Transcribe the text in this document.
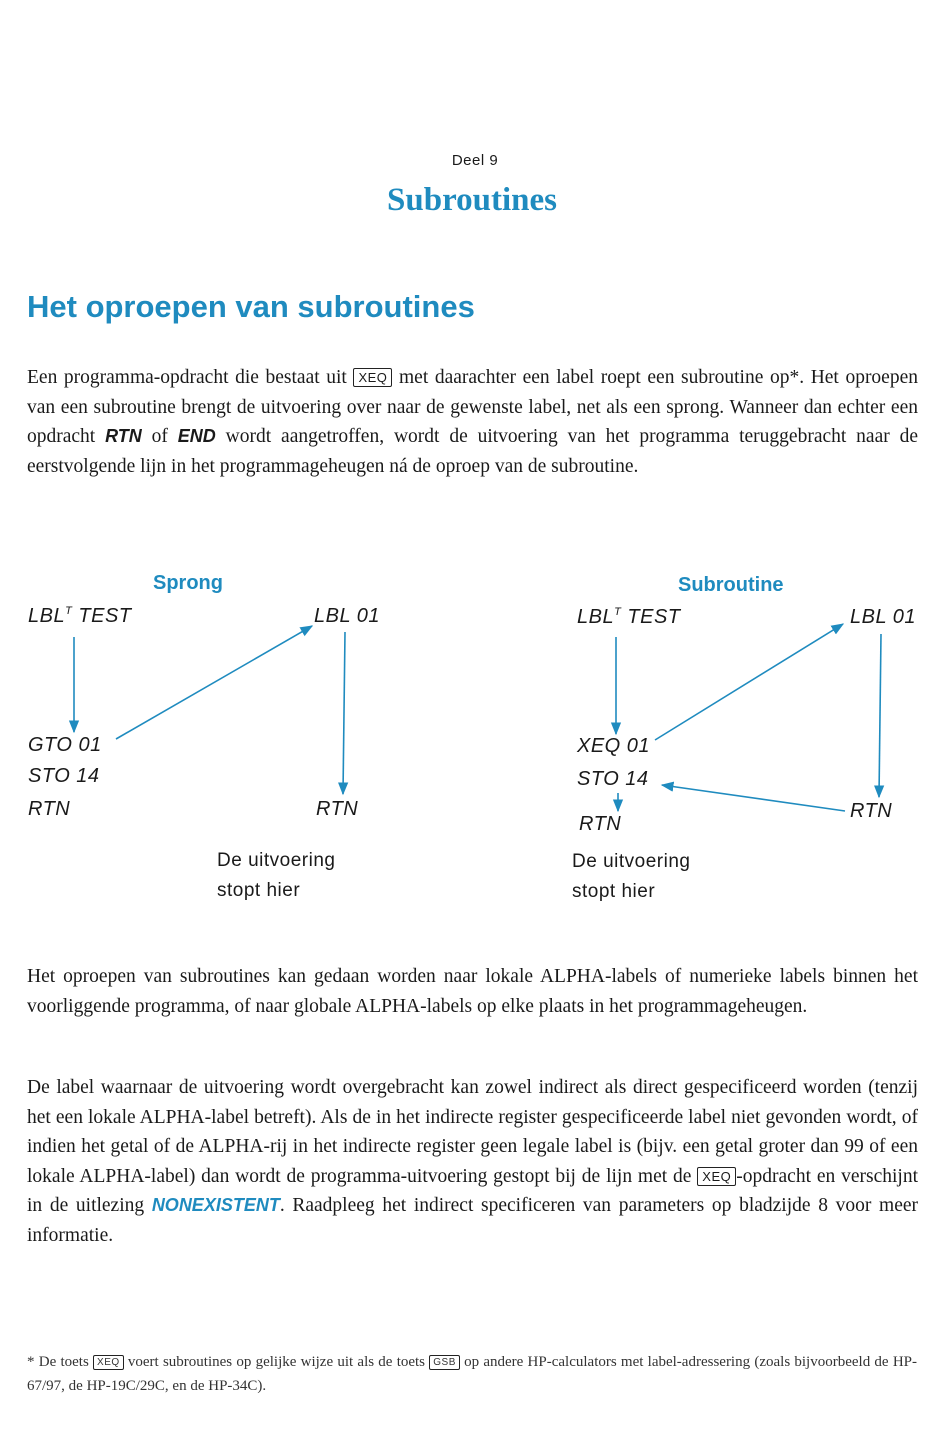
Deel 9
Subroutines
Het oproepen van subroutines
Een programma-opdracht die bestaat uit XEQ met daarachter een label roept een subroutine op*. Het oproepen van een subroutine brengt de uitvoering over naar de gewenste label, net als een sprong. Wanneer dan echter een opdracht RTN of END wordt aangetroffen, wordt de uitvoering van het programma teruggebracht naar de eerstvolgende lijn in het programmageheugen ná de oproep van de subroutine.
Sprong
$LBL^T$ TEST	LBL 01
GTO 01
STO 14
RTN	RTN
De uitvoering
stopt hier
Subroutine
$LBL^T$ TEST	LBL 01
XEQ 01
STO 14
RTN
RTN
De uitvoering
stopt hier
Het oproepen van subroutines kan gedaan worden naar lokale ALPHA-labels of numerieke labels binnen het voorliggende programma, of naar globale ALPHA-labels op elke plaats in het programmageheugen.
De label waarnaar de uitvoering wordt overgebracht kan zowel indirect als direct gespecificeerd worden (tenzij het een lokale ALPHA-label betreft). Als de in het indirecte register gespecificeerde label niet gevonden wordt, of indien het getal of de ALPHA-rij in het indirecte register geen legale label is (bijv. een getal groter dan 99 of een lokale ALPHA-label) dan wordt de programma-uitvoering gestopt bij de lijn met de XEQ -opdracht en verschijnt in de uitlezing NONEXISTENT. Raadpleeg het indirect specificeren van parameters op bladzijde 8 voor meer informatie.
* De toets XEQ voert subroutines op gelijke wijze uit als de toets GSB op andere HP-calculators met label-adressering (zoals bijvoorbeeld de HP-67/97, de HP-19C/29C, en de HP-34C).
